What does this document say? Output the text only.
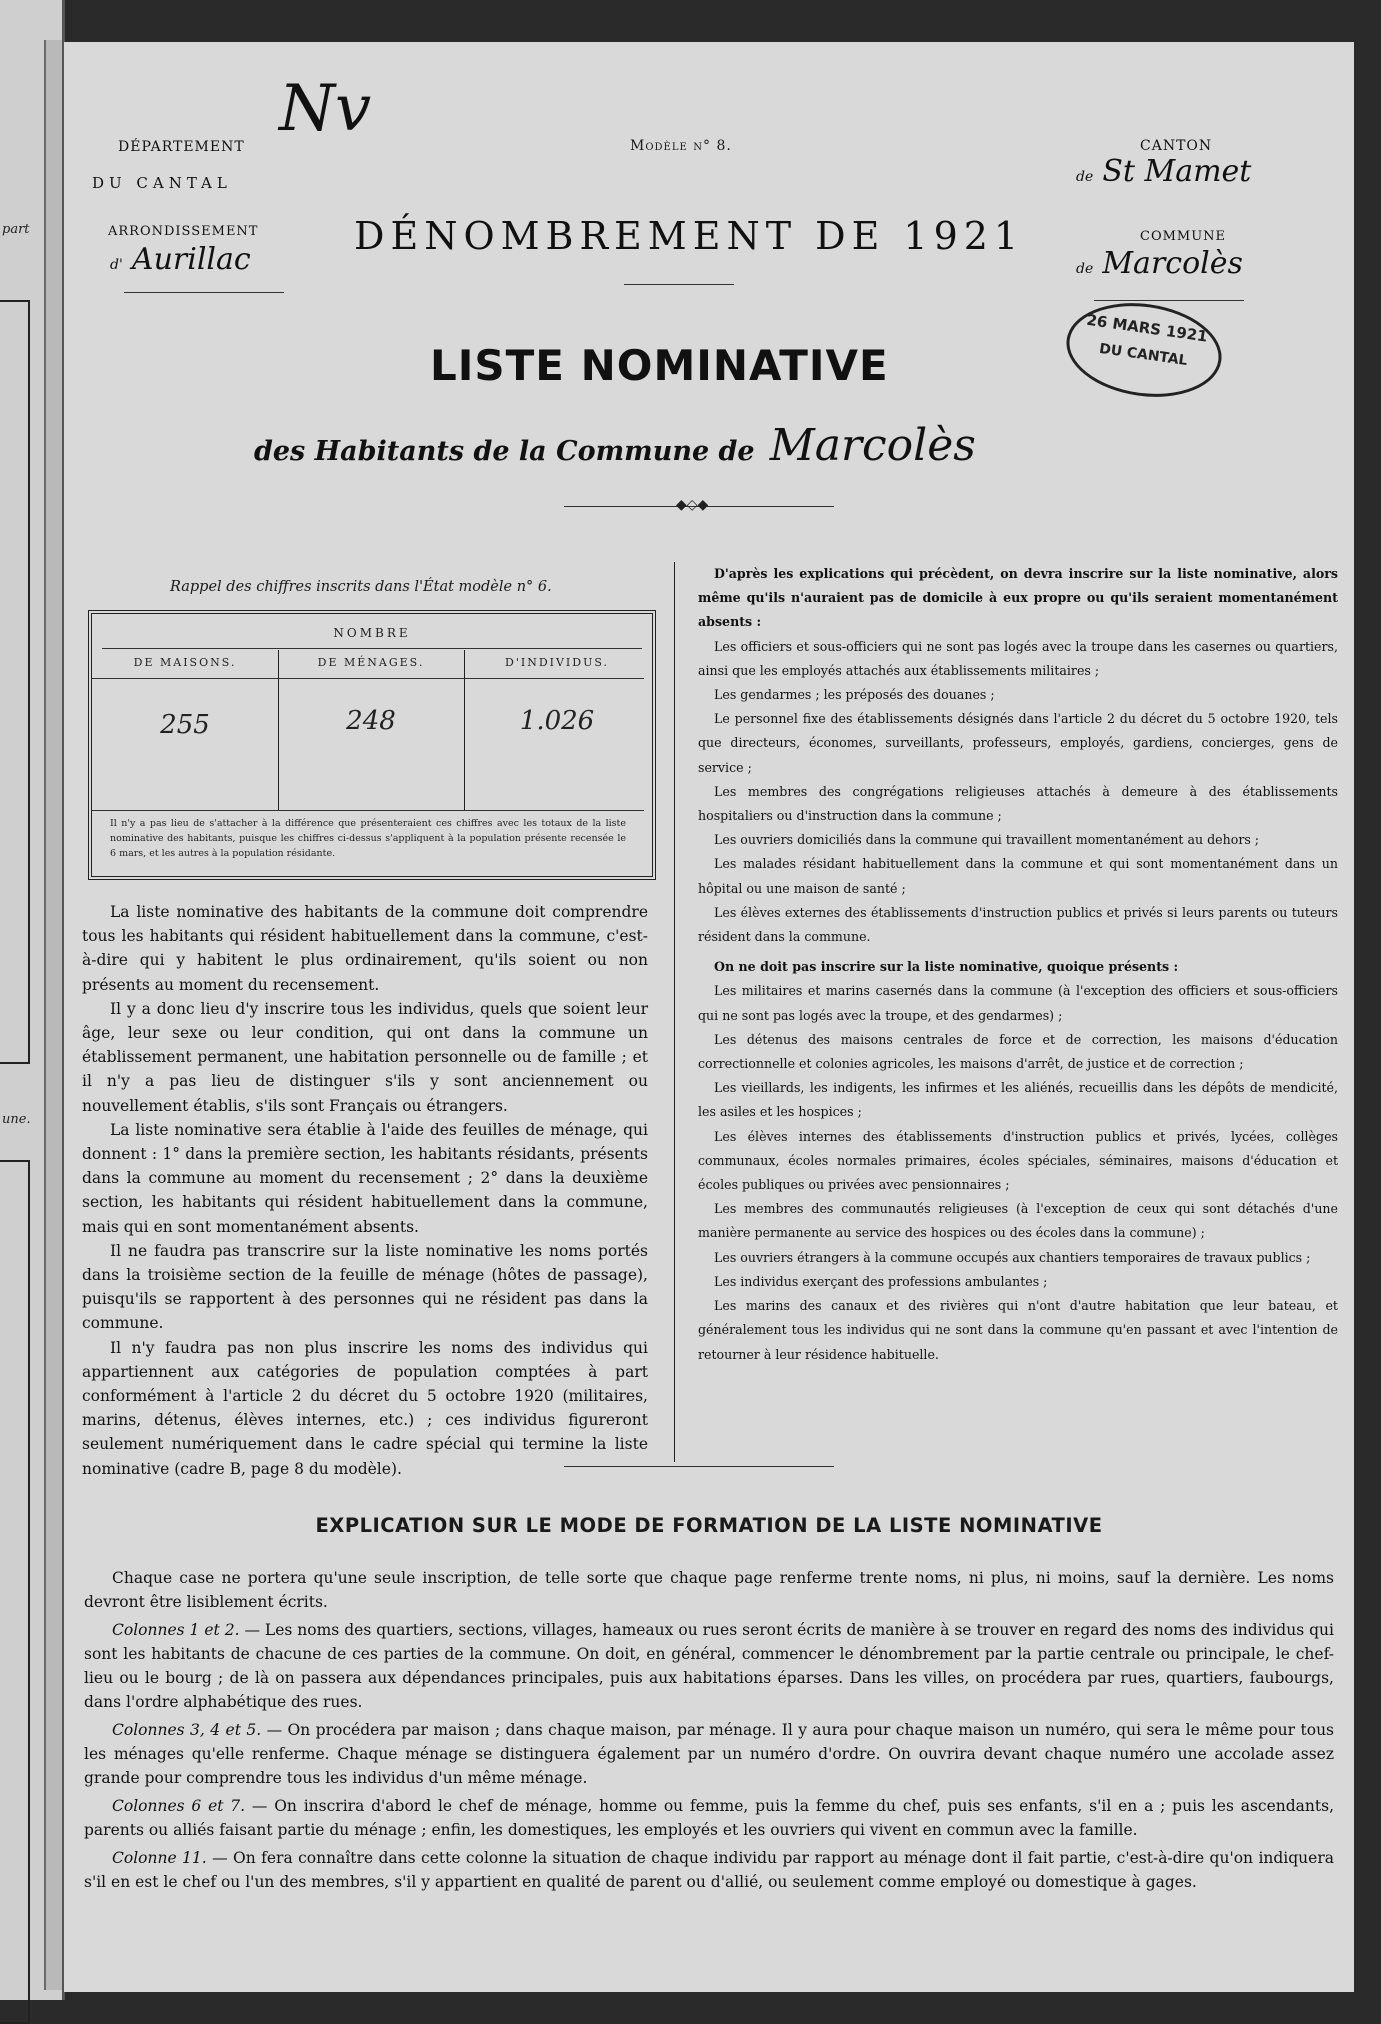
part
une.
DÉPARTEMENT
DU CANTAL
ARRONDISSEMENT
d' Aurillac
Nv	Modèle n° 8.	CANTON
de St Mamet
COMMUNE
de Marcolès
DÉNOMBREMENT DE 1921
26 MARS 1921
DU CANTAL
LISTE NOMINATIVE
des Habitants de la Commune de Marcolès
◆◇◆
Rappel des chiffres inscrits dans l'État modèle n° 6.
NOMBRE
DE MAISONS.	DE MÉNAGES.	D'INDIVIDUS.
255	248	1.026
Il n'y a pas lieu de s'attacher à la différence que présenteraient ces chiffres avec les totaux de la liste nominative des habitants, puisque les chiffres ci-dessus s'appliquent à la population présente recensée le 6 mars, et les autres à la population résidante.

La liste nominative des habitants de la commune doit comprendre tous les habitants qui résident habituellement dans la commune, c'est-à-dire qui y habitent le plus ordinairement, qu'ils soient ou non présents au moment du recensement.

Il y a donc lieu d'y inscrire tous les individus, quels que soient leur âge, leur sexe ou leur condition, qui ont dans la commune un établissement permanent, une habitation personnelle ou de famille ; et il n'y a pas lieu de distinguer s'ils y sont anciennement ou nouvellement établis, s'ils sont Français ou étrangers.

La liste nominative sera établie à l'aide des feuilles de ménage, qui donnent : 1° dans la première section, les habitants résidants, présents dans la commune au moment du recensement ; 2° dans la deuxième section, les habitants qui résident habituellement dans la commune, mais qui en sont momentanément absents.

Il ne faudra pas transcrire sur la liste nominative les noms portés dans la troisième section de la feuille de ménage (hôtes de passage), puisqu'ils se rapportent à des personnes qui ne résident pas dans la commune.

Il n'y faudra pas non plus inscrire les noms des individus qui appartiennent aux catégories de population comptées à part conformément à l'article 2 du décret du 5 octobre 1920 (militaires, marins, détenus, élèves internes, etc.) ; ces individus figureront seulement numériquement dans le cadre spécial qui termine la liste nominative (cadre B, page 8 du modèle).

D'après les explications qui précèdent, on devra inscrire sur la liste nominative, alors même qu'ils n'auraient pas de domicile à eux propre ou qu'ils seraient momentanément absents :

Les officiers et sous-officiers qui ne sont pas logés avec la troupe dans les casernes ou quartiers, ainsi que les employés attachés aux établissements militaires ;

Les gendarmes ; les préposés des douanes ;

Le personnel fixe des établissements désignés dans l'article 2 du décret du 5 octobre 1920, tels que directeurs, économes, surveillants, professeurs, employés, gardiens, concierges, gens de service ;

Les membres des congrégations religieuses attachés à demeure à des établissements hospitaliers ou d'instruction dans la commune ;

Les ouvriers domiciliés dans la commune qui travaillent momentanément au dehors ;

Les malades résidant habituellement dans la commune et qui sont momentanément dans un hôpital ou une maison de santé ;

Les élèves externes des établissements d'instruction publics et privés si leurs parents ou tuteurs résident dans la commune.

On ne doit pas inscrire sur la liste nominative, quoique présents :

Les militaires et marins casernés dans la commune (à l'exception des officiers et sous-officiers qui ne sont pas logés avec la troupe, et des gendarmes) ;

Les détenus des maisons centrales de force et de correction, les maisons d'éducation correctionnelle et colonies agricoles, les maisons d'arrêt, de justice et de correction ;

Les vieillards, les indigents, les infirmes et les aliénés, recueillis dans les dépôts de mendicité, les asiles et les hospices ;

Les élèves internes des établissements d'instruction publics et privés, lycées, collèges communaux, écoles normales primaires, écoles spéciales, séminaires, maisons d'éducation et écoles publiques ou privées avec pensionnaires ;

Les membres des communautés religieuses (à l'exception de ceux qui sont détachés d'une manière permanente au service des hospices ou des écoles dans la commune) ;

Les ouvriers étrangers à la commune occupés aux chantiers temporaires de travaux publics ;

Les individus exerçant des professions ambulantes ;

Les marins des canaux et des rivières qui n'ont d'autre habitation que leur bateau, et généralement tous les individus qui ne sont dans la commune qu'en passant et avec l'intention de retourner à leur résidence habituelle.

EXPLICATION SUR LE MODE DE FORMATION DE LA LISTE NOMINATIVE

Chaque case ne portera qu'une seule inscription, de telle sorte que chaque page renferme trente noms, ni plus, ni moins, sauf la dernière. Les noms devront être lisiblement écrits.

Colonnes 1 et 2. — Les noms des quartiers, sections, villages, hameaux ou rues seront écrits de manière à se trouver en regard des noms des individus qui sont les habitants de chacune de ces parties de la commune. On doit, en général, commencer le dénombrement par la partie centrale ou principale, le chef-lieu ou le bourg ; de là on passera aux dépendances principales, puis aux habitations éparses. Dans les villes, on procédera par rues, quartiers, faubourgs, dans l'ordre alphabétique des rues.

Colonnes 3, 4 et 5. — On procédera par maison ; dans chaque maison, par ménage. Il y aura pour chaque maison un numéro, qui sera le même pour tous les ménages qu'elle renferme. Chaque ménage se distinguera également par un numéro d'ordre. On ouvrira devant chaque numéro une accolade assez grande pour comprendre tous les individus d'un même ménage.

Colonnes 6 et 7. — On inscrira d'abord le chef de ménage, homme ou femme, puis la femme du chef, puis ses enfants, s'il en a ; puis les ascendants, parents ou alliés faisant partie du ménage ; enfin, les domestiques, les employés et les ouvriers qui vivent en commun avec la famille.

Colonne 11. — On fera connaître dans cette colonne la situation de chaque individu par rapport au ménage dont il fait partie, c'est-à-dire qu'on indiquera s'il en est le chef ou l'un des membres, s'il y appartient en qualité de parent ou d'allié, ou seulement comme employé ou domestique à gages.
